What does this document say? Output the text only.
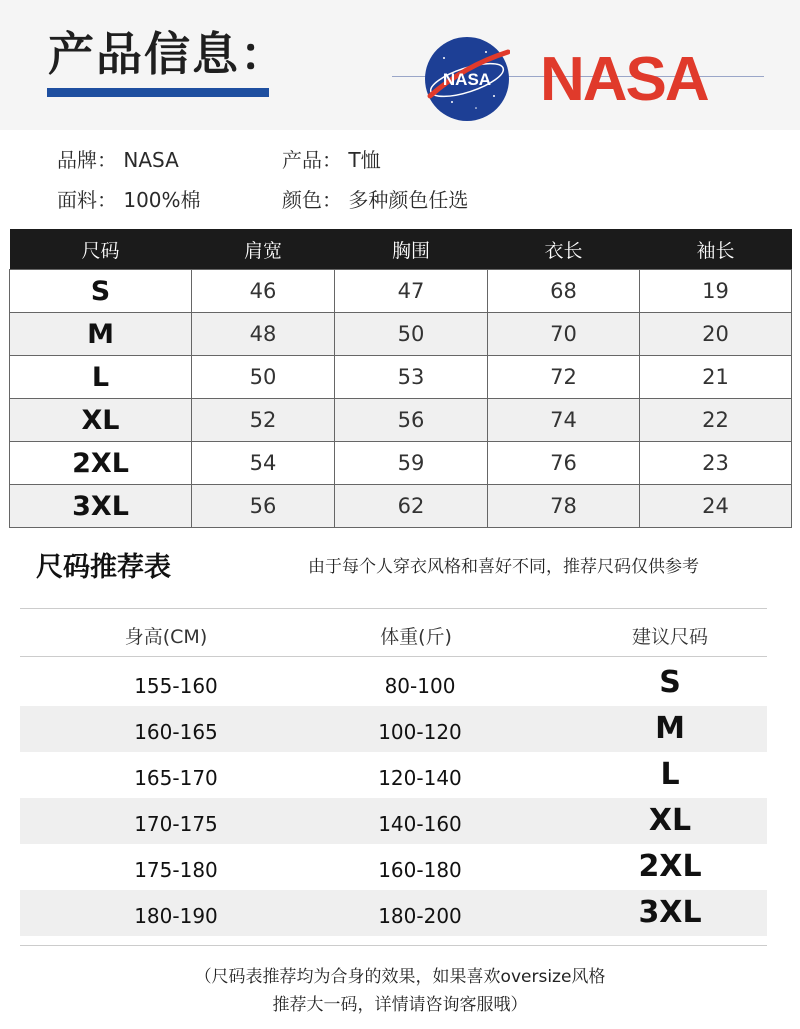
产品信息：	NASA NASA
品牌： NASA	产品： T恤
面料： 100%棉	颜色： 多种颜色任选
尺码	肩宽	胸围	衣长	袖长
S	46	47	68	19
M	48	50	70	20
L	50	53	72	21
XL	52	56	74	22
2XL	54	59	76	23
3XL	56	62	78	24
尺码推荐表	由于每个人穿衣风格和喜好不同，推荐尺码仅供参考
身高(CM)	体重(斤)	建议尺码
155-160	80-100	S
160-165	100-120	M
165-170	120-140	L
170-175	140-160	XL
175-180	160-180	2XL
180-190	180-200	3XL
（尺码表推荐均为合身的效果，如果喜欢oversize风格
推荐大一码，详情请咨询客服哦）
